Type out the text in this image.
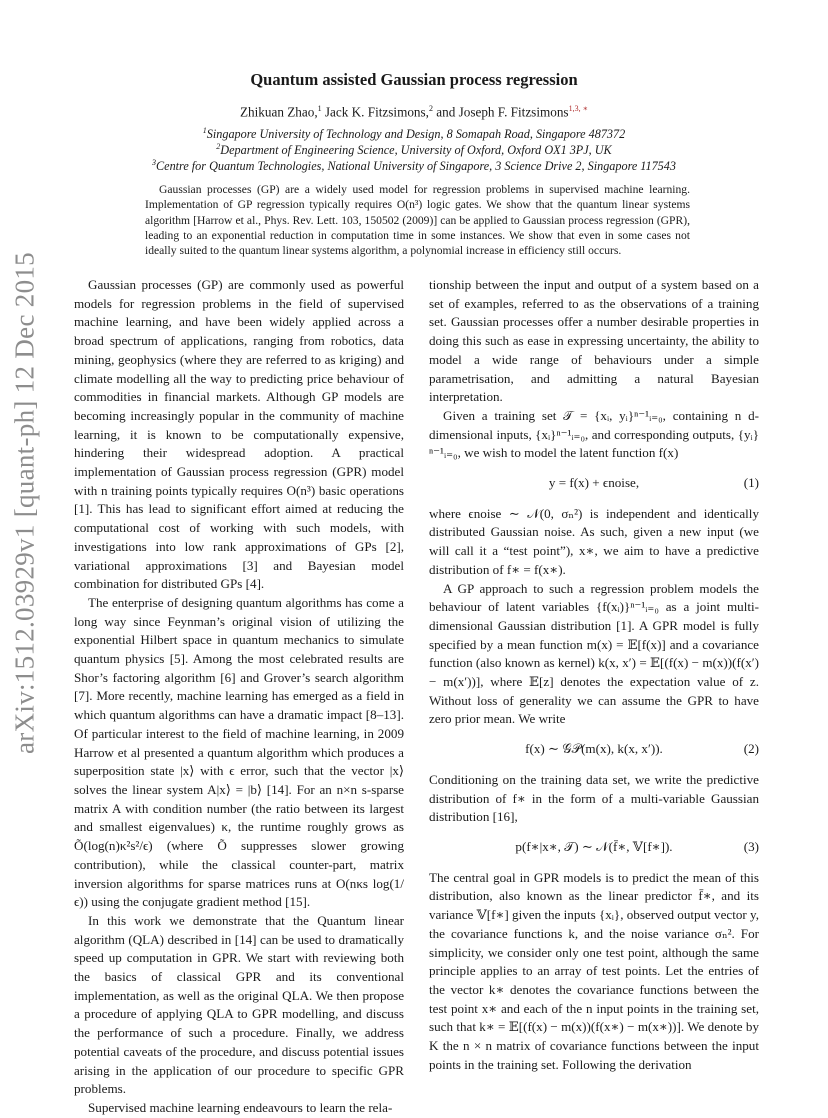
arXiv:1512.03929v1 [quant-ph] 12 Dec 2015
Quantum assisted Gaussian process regression
Zhikuan Zhao,$^1$ Jack K. Fitzsimons,$^2$ and Joseph F. Fitzsimons$^{1,3, ∗}$
$^1$Singapore University of Technology and Design, 8 Somapah Road, Singapore 487372
$^2$Department of Engineering Science, University of Oxford, Oxford OX1 3PJ, UK
$^3$Centre for Quantum Technologies, National University of Singapore, 3 Science Drive 2, Singapore 117543
Gaussian processes (GP) are a widely used model for regression problems in supervised machine learning. Implementation of GP regression typically requires O(n³) logic gates. We show that the quantum linear systems algorithm [Harrow et al., Phys. Rev. Lett. 103, 150502 (2009)] can be applied to Gaussian process regression (GPR), leading to an exponential reduction in computation time in some instances. We show that even in some cases not ideally suited to the quantum linear systems algorithm, a polynomial increase in efficiency still occurs.

Gaussian processes (GP) are commonly used as powerful models for regression problems in the field of supervised machine learning, and have been widely applied across a broad spectrum of applications, ranging from robotics, data mining, geophysics (where they are referred to as kriging) and climate modelling all the way to predicting price behaviour of commodities in financial markets. Although GP models are becoming increasingly popular in the community of machine learning, it is known to be computationally expensive, hindering their widespread adoption. A practical implementation of Gaussian process regression (GPR) model with n training points typically requires O(n³) basic operations [1]. This has lead to significant effort aimed at reducing the computational cost of working with such models, with investigations into low rank approximations of GPs [2], variational approximations [3] and Bayesian model combination for distributed GPs [4].

The enterprise of designing quantum algorithms has come a long way since Feynman’s original vision of utilizing the exponential Hilbert space in quantum mechanics to simulate quantum physics [5]. Among the most celebrated results are Shor’s factoring algorithm [6] and Grover’s search algorithm [7]. More recently, machine learning has emerged as a field in which quantum algorithms can have a dramatic impact [8–13]. Of particular interest to the field of machine learning, in 2009 Harrow et al presented a quantum algorithm which produces a superposition state |x⟩ with ϵ error, such that the vector |x⟩ solves the linear system A|x⟩ = |b⟩ [14]. For an n×n s-sparse matrix A with condition number (the ratio between its largest and smallest eigenvalues) κ, the runtime roughly grows as Õ(log(n)κ²s²/ϵ) (where Õ suppresses slower growing contribution), while the classical counter-part, matrix inversion algorithms for sparse matrices runs at O(nκs log(1/ϵ)) using the conjugate gradient method [15].

In this work we demonstrate that the Quantum linear algorithm (QLA) described in [14] can be used to dramatically speed up computation in GPR. We start with reviewing both the basics of classical GPR and its conventional implementation, as well as the original QLA. We then propose a procedure of applying QLA to GPR modelling, and discuss the performance of such a procedure. Finally, we address potential caveats of the procedure, and discuss potential issues arising in the application of our procedure to specific GPR problems.

Supervised machine learning endeavours to learn the rela-

tionship between the input and output of a system based on a set of examples, referred to as the observations of a training set. Gaussian processes offer a number desirable properties in doing this such as ease in expressing uncertainty, the ability to model a wide range of behaviours under a simple parametrisation, and admitting a natural Bayesian interpretation.

Given a training set 𝒯 = {xᵢ, yᵢ}ⁿ⁻¹ᵢ₌₀, containing n d-dimensional inputs, {xᵢ}ⁿ⁻¹ᵢ₌₀, and corresponding outputs, {yᵢ}ⁿ⁻¹ᵢ₌₀, we wish to model the latent function f(x)

y = f(x) + ϵnoise,	(1)

where ϵnoise ∼ 𝒩(0, σₙ²) is independent and identically distributed Gaussian noise. As such, given a new input (we will call it a “test point”), x∗, we aim to have a predictive distribution of f∗ = f(x∗).

A GP approach to such a regression problem models the behaviour of latent variables {f(xᵢ)}ⁿ⁻¹ᵢ₌₀ as a joint multi-dimensional Gaussian distribution [1]. A GPR model is fully specified by a mean function m(x) = 𝔼[f(x)] and a covariance function (also known as kernel) k(x, x′) = 𝔼[(f(x) − m(x))(f(x′) − m(x′))], where 𝔼[z] denotes the expectation value of z. Without loss of generality we can assume the GPR to have zero prior mean. We write

f(x) ∼ 𝒢𝒫(m(x), k(x, x′)).	(2)

Conditioning on the training data set, we write the predictive distribution of f∗ in the form of a multi-variable Gaussian distribution [16],

p(f∗|x∗, 𝒯) ∼ 𝒩(f̄∗, 𝕍[f∗]).	(3)

The central goal in GPR models is to predict the mean of this distribution, also known as the linear predictor f̄∗, and its variance 𝕍[f∗] given the inputs {xᵢ}, observed output vector y, the covariance functions k, and the noise variance σₙ². For simplicity, we consider only one test point, although the same principle applies to an array of test points. Let the entries of the vector k∗ denotes the covariance functions between the test point x∗ and each of the n input points in the training set, such that k∗ = 𝔼[(f(x) − m(x))(f(x∗) − m(x∗))]. We denote by K the n × n matrix of covariance functions between the input points in the training set. Following the derivation
